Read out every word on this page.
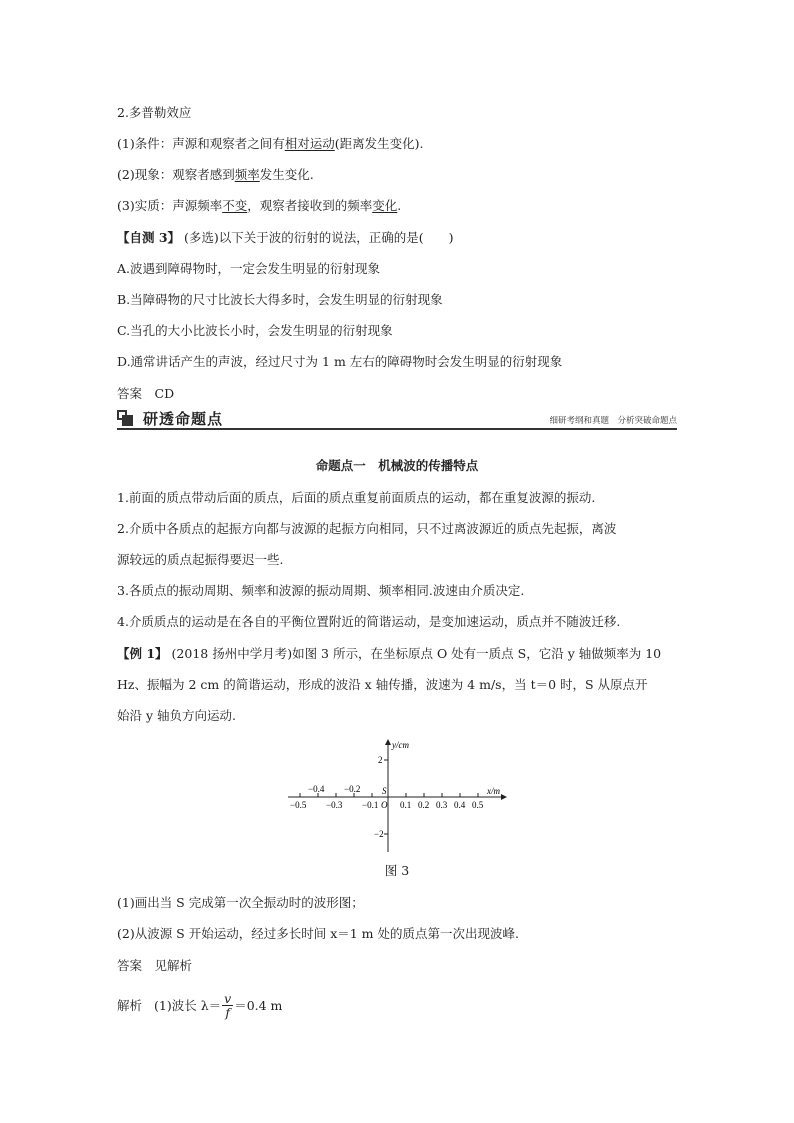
2.多普勒效应
(1)条件：声源和观察者之间有相对运动(距离发生变化).
(2)现象：观察者感到频率发生变化.
(3)实质：声源频率不变，观察者接收到的频率变化.
【自测 3】 (多选)以下关于波的衍射的说法，正确的是(　　)
A.波遇到障碍物时，一定会发生明显的衍射现象
B.当障碍物的尺寸比波长大得多时，会发生明显的衍射现象
C.当孔的大小比波长小时，会发生明显的衍射现象
D.通常讲话产生的声波，经过尺寸为 1 m 左右的障碍物时会发生明显的衍射现象
答案　CD
研透命题点	细研考纲和真题　分析突破命题点
命题点一　机械波的传播特点
1.前面的质点带动后面的质点，后面的质点重复前面质点的运动，都在重复波源的振动.
2.介质中各质点的起振方向都与波源的起振方向相同，只不过离波源近的质点先起振，离波
源较远的质点起振得要迟一些.
3.各质点的振动周期、频率和波源的振动周期、频率相同.波速由介质决定.
4.介质质点的运动是在各自的平衡位置附近的简谐运动，是变加速运动，质点并不随波迁移.
【例 1】 (2018 扬州中学月考)如图 3 所示，在坐标原点 O 处有一质点 S，它沿 y 轴做频率为 10
Hz、振幅为 2 cm 的简谐运动，形成的波沿 x 轴传播，波速为 4 m/s，当 t＝0 时，S 从原点开
始沿 y 轴负方向运动.
y/cm
x/m
2
−2
−0.4 −0.2
−0.5 −0.3 −0.1
S
O 0.1 0.2 0.3 0.4 0.5
图 3
(1)画出当 S 完成第一次全振动时的波形图；
(2)从波源 S 开始运动，经过多长时间 x＝1 m 处的质点第一次出现波峰.
答案　见解析
解析 (1)波长 $\lambda= \frac{v}{f} =0.4$ m
